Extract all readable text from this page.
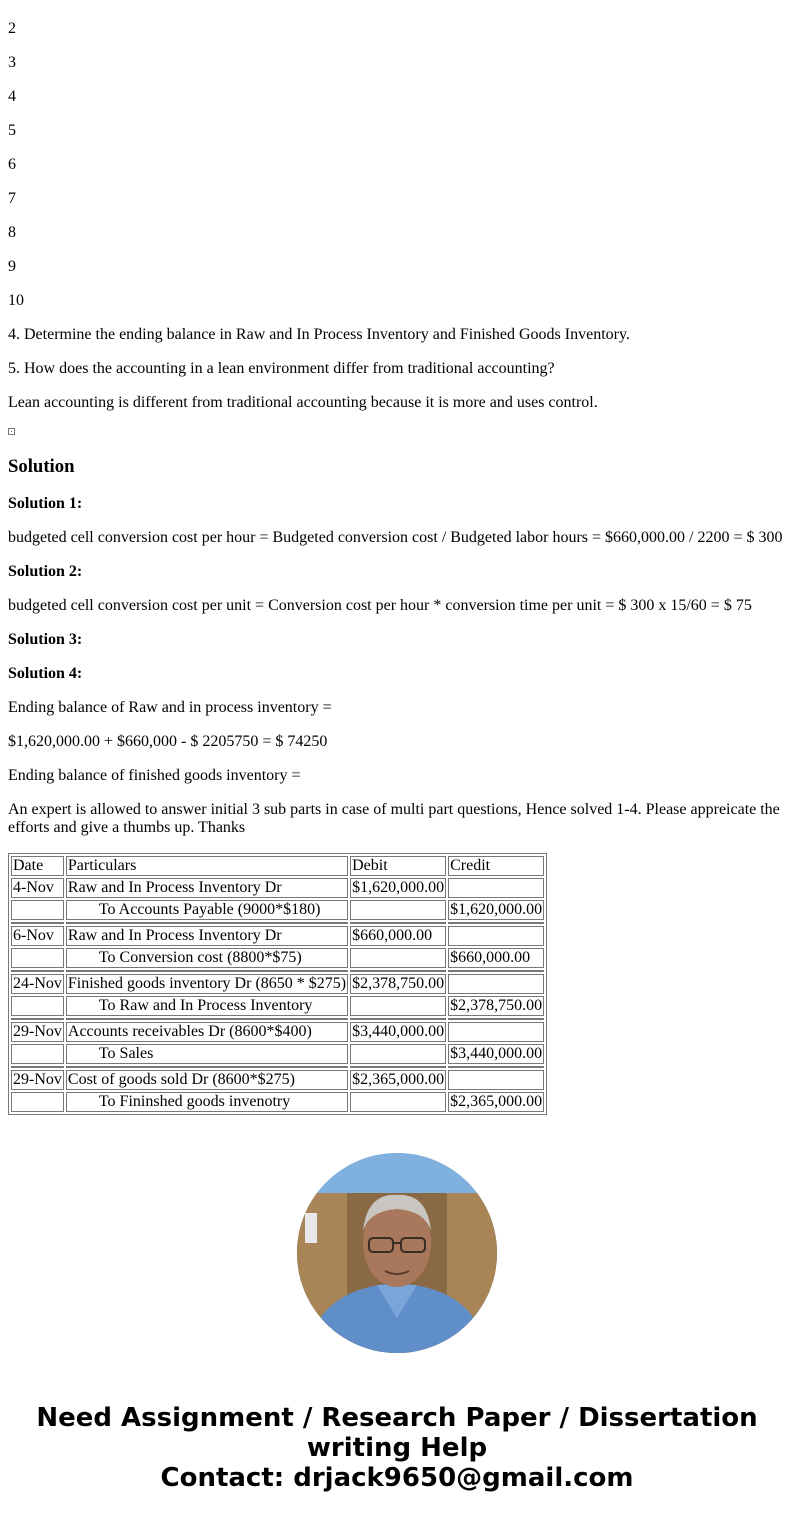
2

3

4

5

6

7

8

9

10

4. Determine the ending balance in Raw and In Process Inventory and Finished Goods Inventory.

5. How does the accounting in a lean environment differ from traditional accounting?

Lean accounting is different from traditional accounting because it is more and uses control.

Solution

Solution 1:

budgeted cell conversion cost per hour = Budgeted conversion cost / Budgeted labor hours = $660,000.00 / 2200 = $ 300

Solution 2:

budgeted cell conversion cost per unit = Conversion cost per hour * conversion time per unit = $ 300 x 15/60 = $ 75

Solution 3:

Solution 4:

Ending balance of Raw and in process inventory =

$1,620,000.00 + $660,000 - $ 2205750 = $ 74250

Ending balance of finished goods inventory =

An expert is allowed to answer initial 3 sub parts in case of multi part questions, Hence solved 1-4. Please appreicate the efforts and give a thumbs up. Thanks

Date	Particulars	Debit	Credit
4-Nov	Raw and In Process Inventory Dr	$1,620,000.00	
	To Accounts Payable (9000*$180)		$1,620,000.00

6-Nov	Raw and In Process Inventory Dr	$660,000.00	
	To Conversion cost (8800*$75)		$660,000.00

24-Nov	Finished goods inventory Dr (8650 * $275)	$2,378,750.00	
	To Raw and In Process Inventory		$2,378,750.00

29-Nov	Accounts receivables Dr (8600*$400)	$3,440,000.00	
	To Sales		$3,440,000.00

29-Nov	Cost of goods sold Dr (8600*$275)	$2,365,000.00	
	To Fininshed goods invenotry		$2,365,000.00
Need Assignment / Research Paper / Dissertation
writing Help
Contact: drjack9650@gmail.com
